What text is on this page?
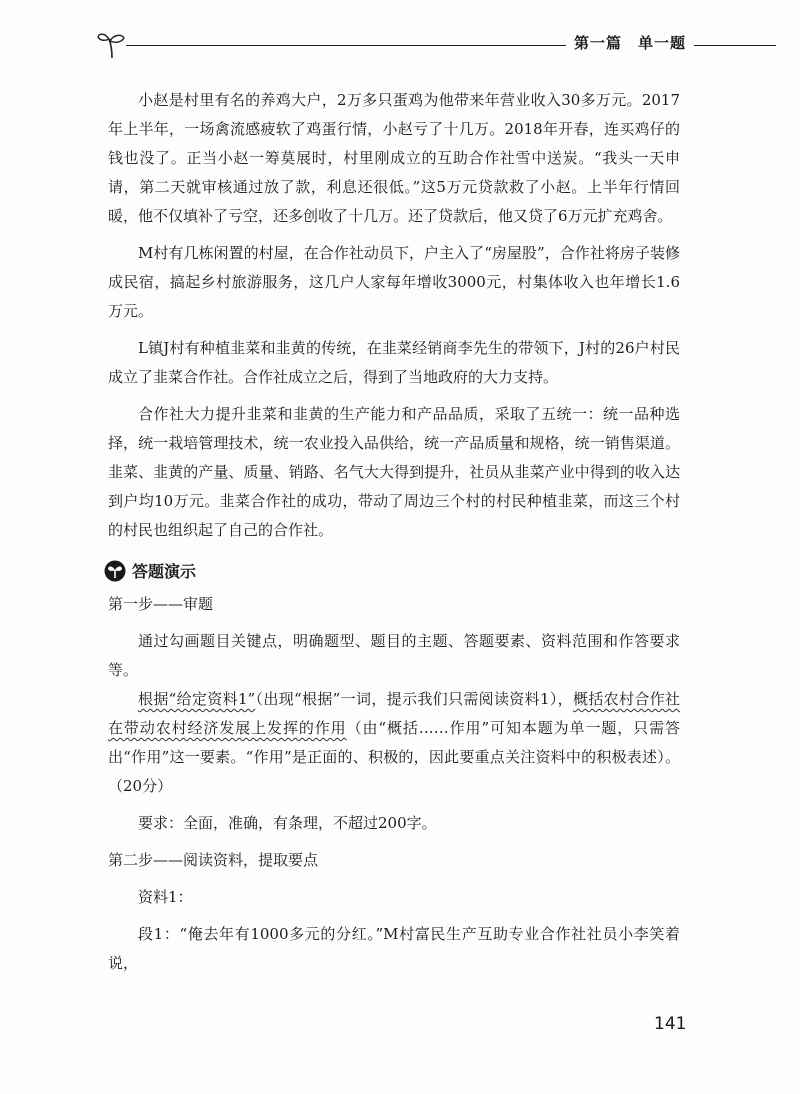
第一篇　单一题

小赵是村里有名的养鸡大户，2万多只蛋鸡为他带来年营业收入30多万元。2017年上半年，一场禽流感疲软了鸡蛋行情，小赵亏了十几万。2018年开春，连买鸡仔的钱也没了。正当小赵一筹莫展时，村里刚成立的互助合作社雪中送炭。“我头一天申请，第二天就审核通过放了款，利息还很低。”这5万元贷款救了小赵。上半年行情回暖，他不仅填补了亏空，还多创收了十几万。还了贷款后，他又贷了6万元扩充鸡舍。

M村有几栋闲置的村屋，在合作社动员下，户主入了“房屋股”，合作社将房子装修成民宿，搞起乡村旅游服务，这几户人家每年增收3000元，村集体收入也年增长1.6万元。

L镇J村有种植韭菜和韭黄的传统，在韭菜经销商李先生的带领下，J村的26户村民成立了韭菜合作社。合作社成立之后，得到了当地政府的大力支持。

合作社大力提升韭菜和韭黄的生产能力和产品品质，采取了五统一：统一品种选择，统一栽培管理技术，统一农业投入品供给，统一产品质量和规格，统一销售渠道。韭菜、韭黄的产量、质量、销路、名气大大得到提升，社员从韭菜产业中得到的收入达到户均10万元。韭菜合作社的成功，带动了周边三个村的村民种植韭菜，而这三个村的村民也组织起了自己的合作社。

答题演示

第一步——审题

通过勾画题目关键点，明确题型、题目的主题、答题要素、资料范围和作答要求等。

根据“给定资料1”（出现“根据”一词，提示我们只需阅读资料1），概括农村合作社在带动农村经济发展上发挥的作用（由“概括……作用”可知本题为单一题，只需答出“作用”这一要素。“作用”是正面的、积极的，因此要重点关注资料中的积极表述）。（20分）

要求：全面，准确，有条理，不超过200字。

第二步——阅读资料，提取要点

资料1：

段1：“俺去年有1000多元的分红。”M村富民生产互助专业合作社社员小李笑着说，

141
